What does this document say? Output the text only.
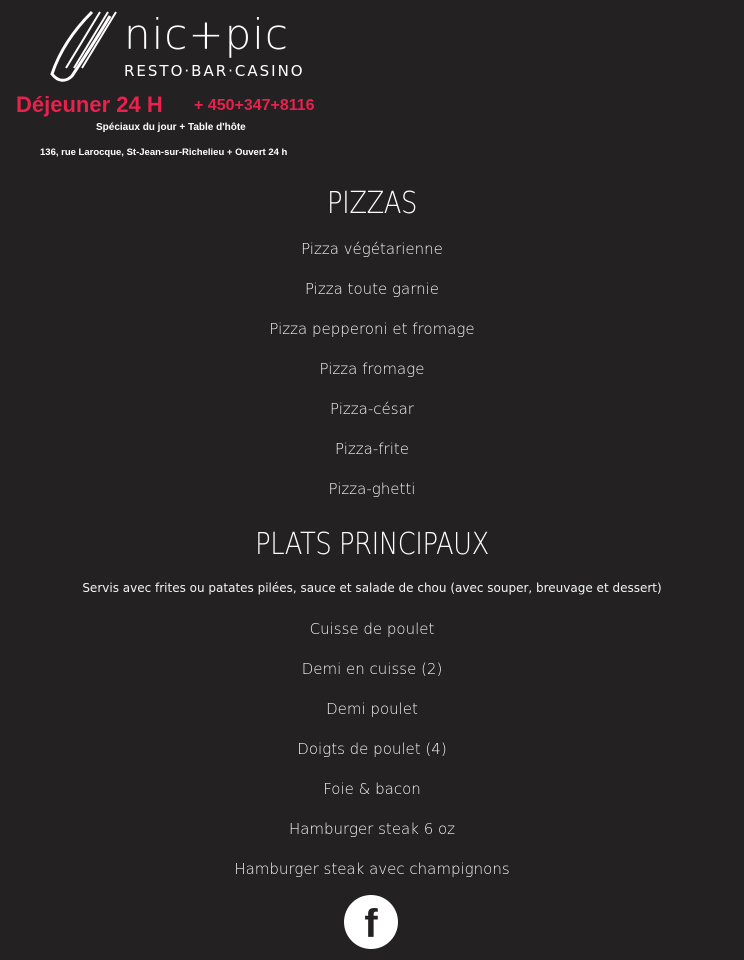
nic+pic
RESTO·BAR·CASINO
Déjeuner 24 H + 450+347+8116
Spéciaux du jour + Table d'hôte
136, rue Larocque, St-Jean-sur-Richelieu + Ouvert 24 h
PIZZAS
Pizza végétarienne
Pizza toute garnie
Pizza pepperoni et fromage
Pizza fromage
Pizza-césar
Pizza-frite
Pizza-ghetti
PLATS PRINCIPAUX
Servis avec frites ou patates pilées, sauce et salade de chou (avec souper, breuvage et dessert)
Cuisse de poulet
Demi en cuisse (2)
Demi poulet
Doigts de poulet (4)
Foie & bacon
Hamburger steak 6 oz
Hamburger steak avec champignons
f
